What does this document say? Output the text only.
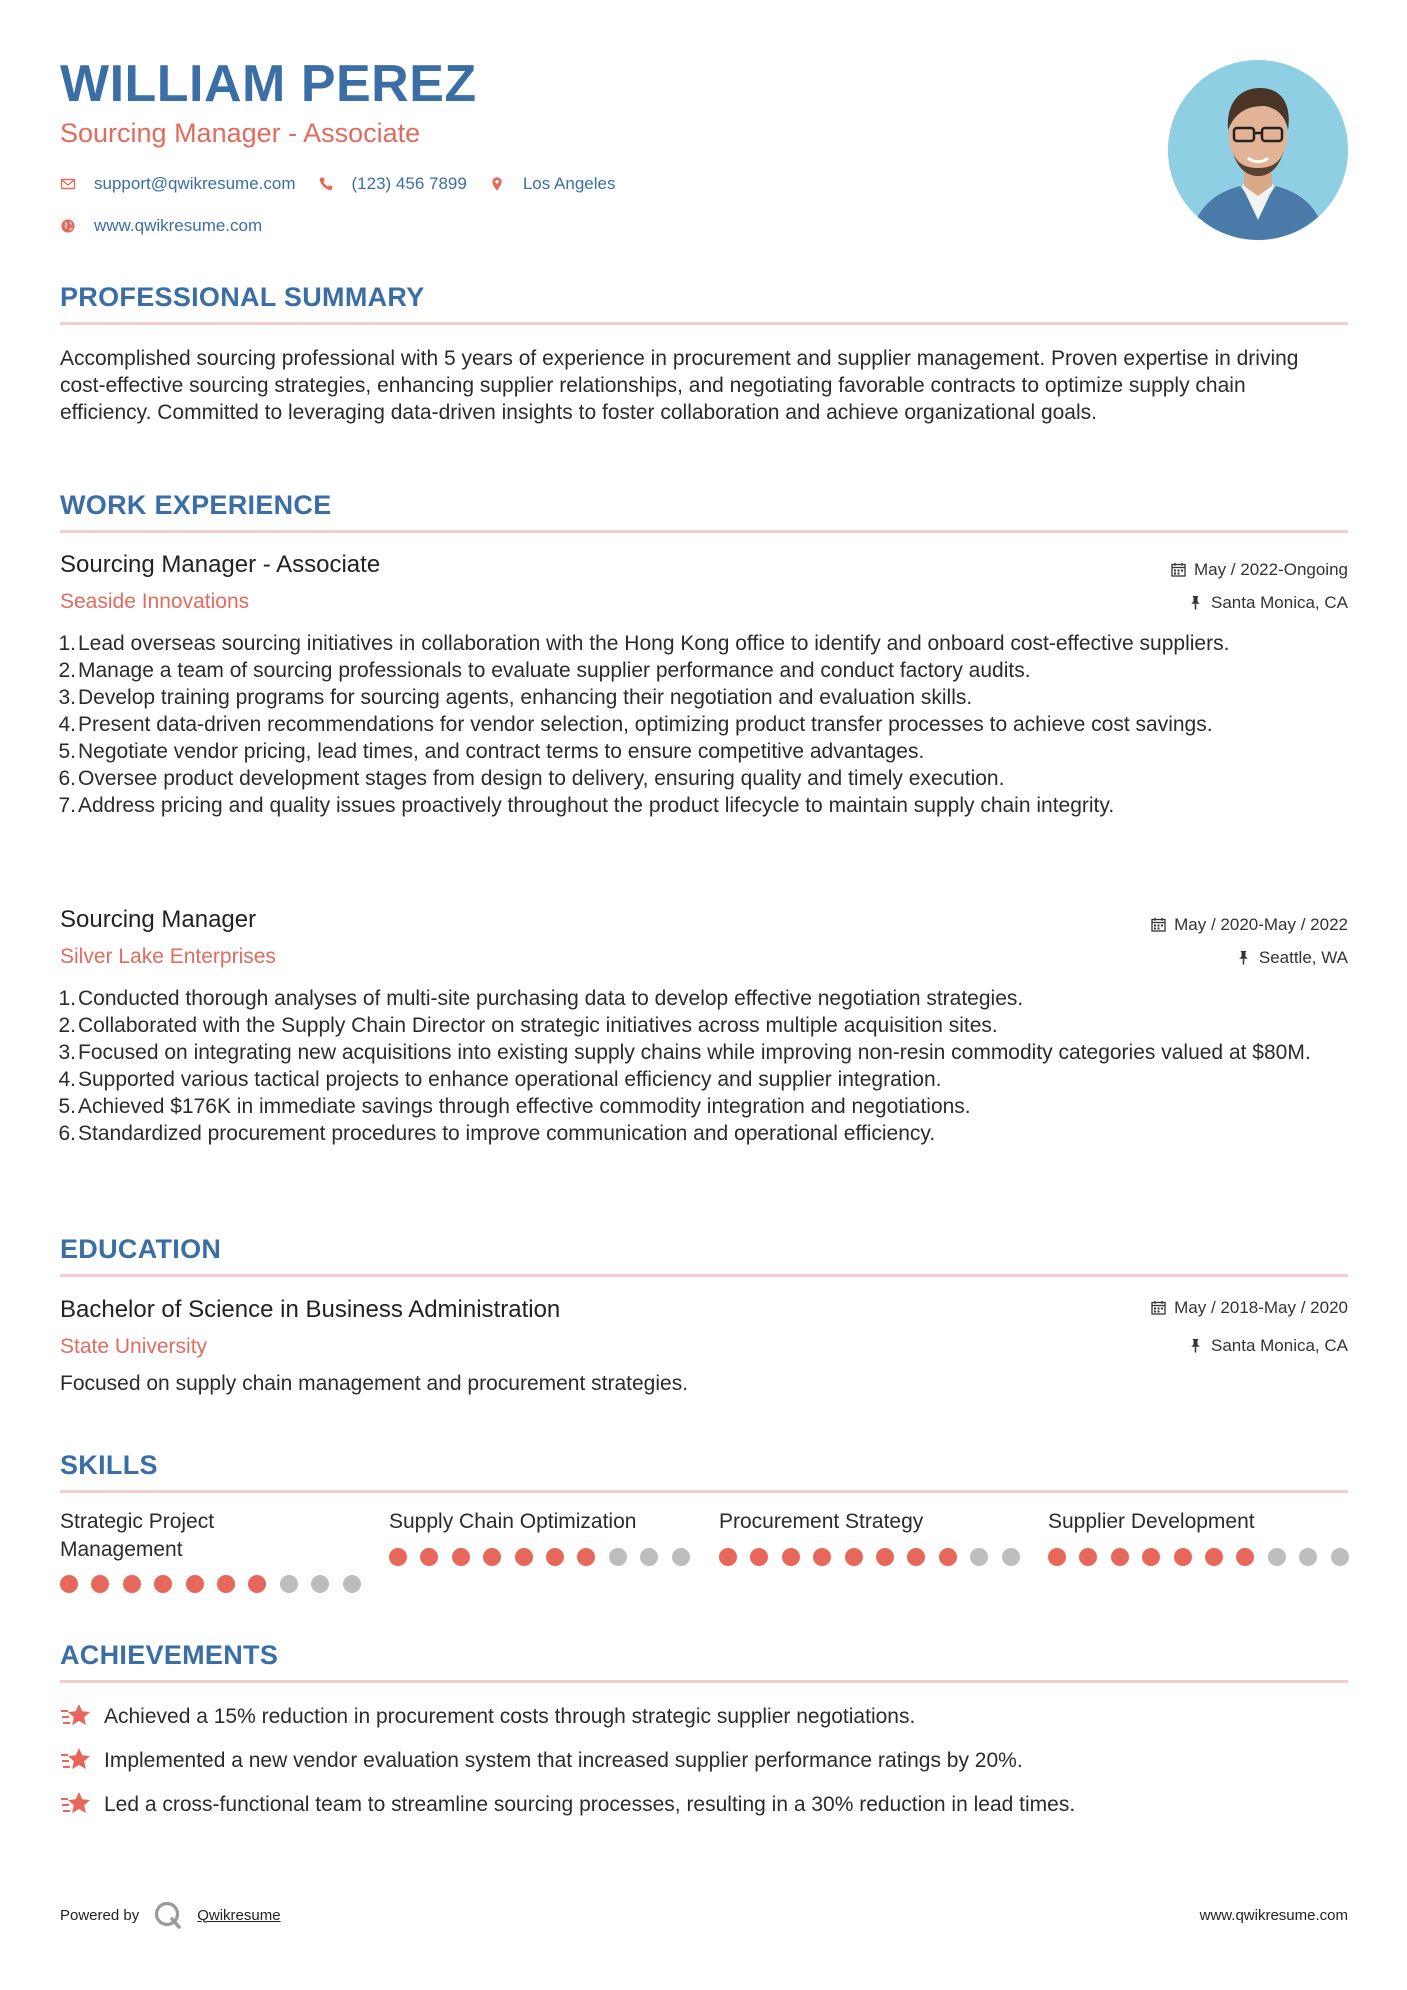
WILLIAM PEREZ
Sourcing Manager - Associate
support@qwikresume.com	(123) 456 7899	Los Angeles
www.qwikresume.com
PROFESSIONAL SUMMARY
Accomplished sourcing professional with 5 years of experience in procurement and supplier management. Proven expertise in driving cost-effective sourcing strategies, enhancing supplier relationships, and negotiating favorable contracts to optimize supply chain efficiency. Committed to leveraging data-driven insights to foster collaboration and achieve organizational goals.
WORK EXPERIENCE
Sourcing Manager - Associate	May / 2022-Ongoing
Seaside Innovations	Santa Monica, CA
1. Lead overseas sourcing initiatives in collaboration with the Hong Kong office to identify and onboard cost-effective suppliers.
2. Manage a team of sourcing professionals to evaluate supplier performance and conduct factory audits.
3. Develop training programs for sourcing agents, enhancing their negotiation and evaluation skills.
4. Present data-driven recommendations for vendor selection, optimizing product transfer processes to achieve cost savings.
5. Negotiate vendor pricing, lead times, and contract terms to ensure competitive advantages.
6. Oversee product development stages from design to delivery, ensuring quality and timely execution.
7. Address pricing and quality issues proactively throughout the product lifecycle to maintain supply chain integrity.
Sourcing Manager	May / 2020-May / 2022
Silver Lake Enterprises	Seattle, WA
1. Conducted thorough analyses of multi-site purchasing data to develop effective negotiation strategies.
2. Collaborated with the Supply Chain Director on strategic initiatives across multiple acquisition sites.
3. Focused on integrating new acquisitions into existing supply chains while improving non-resin commodity categories valued at $80M.
4. Supported various tactical projects to enhance operational efficiency and supplier integration.
5. Achieved $176K in immediate savings through effective commodity integration and negotiations.
6. Standardized procurement procedures to improve communication and operational efficiency.
EDUCATION
Bachelor of Science in Business Administration	May / 2018-May / 2020
State University	Santa Monica, CA
Focused on supply chain management and procurement strategies.
SKILLS
Strategic Project Management
Supply Chain Optimization	Procurement Strategy	Supplier Development
ACHIEVEMENTS
Achieved a 15% reduction in procurement costs through strategic supplier negotiations.
Implemented a new vendor evaluation system that increased supplier performance ratings by 20%.
Led a cross-functional team to streamline sourcing processes, resulting in a 30% reduction in lead times.
Powered by	Qwikresume	www.qwikresume.com
